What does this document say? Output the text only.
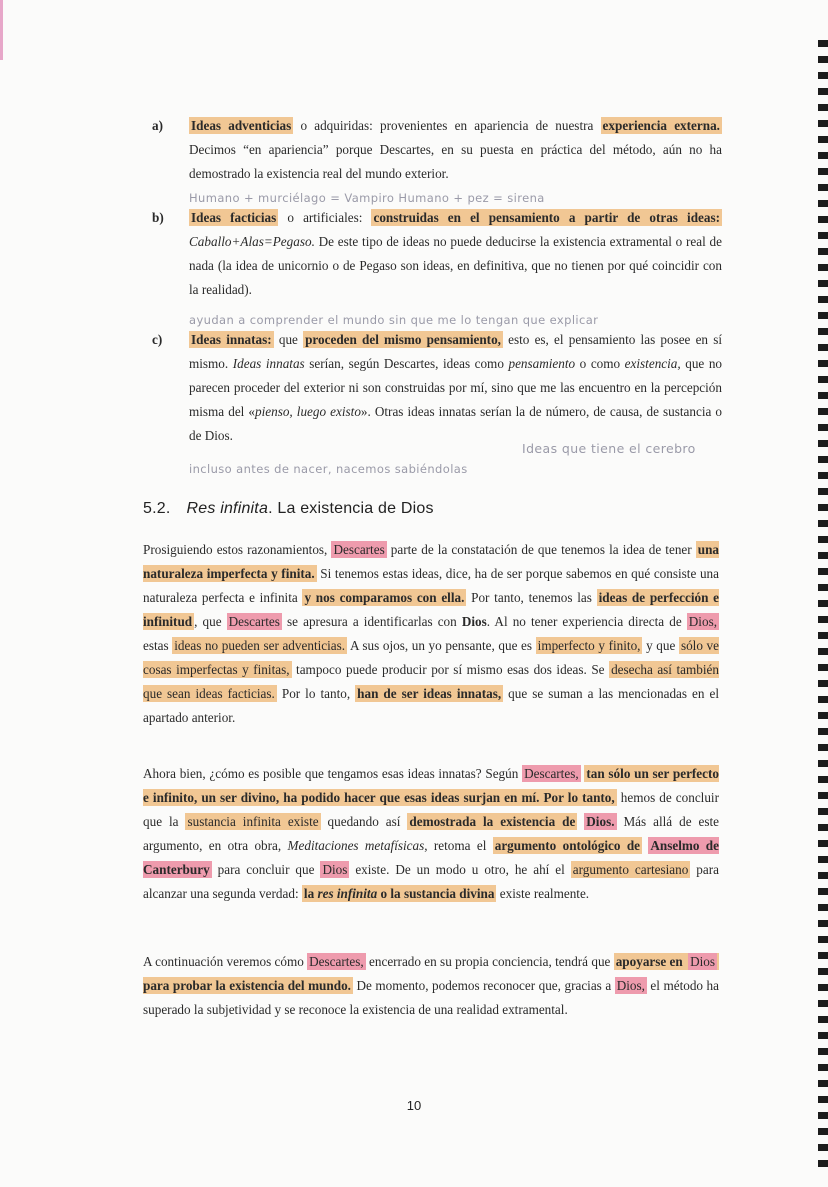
a)	Ideas adventicias o adquiridas: provenientes en apariencia de nuestra experiencia externa. Decimos “en apariencia” porque Descartes, en su puesta en práctica del método, aún no ha demostrado la existencia real del mundo exterior.

Humano + murciélago = Vampiro Humano + pez = sirena
b)	Ideas facticias o artificiales: construidas en el pensamiento a partir de otras ideas: Caballo+Alas=Pegaso. De este tipo de ideas no puede deducirse la existencia extramental o real de nada (la idea de unicornio o de Pegaso son ideas, en definitiva, que no tienen por qué coincidir con la realidad).

ayudan a comprender el mundo sin que me lo tengan que explicar
c)	Ideas innatas: que proceden del mismo pensamiento, esto es, el pensamiento las posee en sí mismo. Ideas innatas serían, según Descartes, ideas como pensamiento o como existencia, que no parecen proceder del exterior ni son construidas por mí, sino que me las encuentro en la percepción misma del «pienso, luego existo». Otras ideas innatas serían la de número, de causa, de sustancia o de Dios.

Ideas que tiene el cerebro
incluso antes de nacer, nacemos sabiéndolas
5.2. Res infinita. La existencia de Dios

Prosiguiendo estos razonamientos, Descartes parte de la constatación de que tenemos la idea de tener una naturaleza imperfecta y finita. Si tenemos estas ideas, dice, ha de ser porque sabemos en qué consiste una naturaleza perfecta e infinita y nos comparamos con ella. Por tanto, tenemos las ideas de perfección e infinitud , que Descartes se apresura a identificarlas con Dios. Al no tener experiencia directa de Dios, estas ideas no pueden ser adventicias. A sus ojos, un yo pensante, que es imperfecto y finito, y que sólo ve cosas imperfectas y finitas, tampoco puede producir por sí mismo esas dos ideas. Se desecha así también que sean ideas facticias. Por lo tanto, han de ser ideas innatas, que se suman a las mencionadas en el apartado anterior.

Ahora bien, ¿cómo es posible que tengamos esas ideas innatas? Según Descartes, tan sólo un ser perfecto e infinito, un ser divino, ha podido hacer que esas ideas surjan en mí. Por lo tanto, hemos de concluir que la sustancia infinita existe quedando así demostrada la existencia de Dios. Más allá de este argumento, en otra obra, Meditaciones metafísicas, retoma el argumento ontológico de Anselmo de Canterbury para concluir que Dios existe. De un modo u otro, he ahí el argumento cartesiano para alcanzar una segunda verdad: la res infinita o la sustancia divina existe realmente.

A continuación veremos cómo Descartes, encerrado en su propia conciencia, tendrá que apoyarse en Dios para probar la existencia del mundo. De momento, podemos reconocer que, gracias a Dios, el método ha superado la subjetividad y se reconoce la existencia de una realidad extramental.

10
